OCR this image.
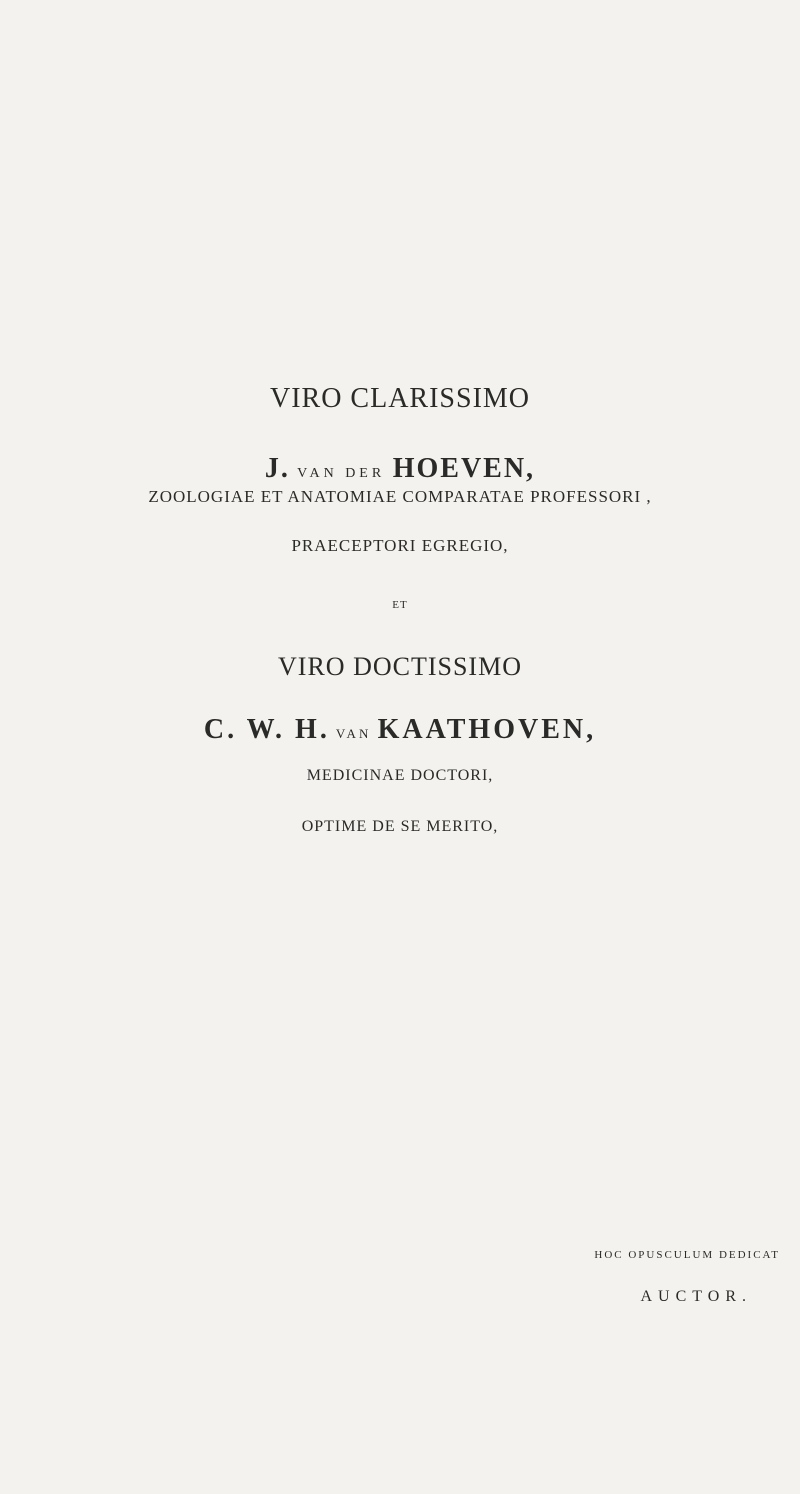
VIRO CLARISSIMO
J. VAN DER HOEVEN,
ZOOLOGIAE ET ANATOMIAE COMPARATAE PROFESSORI ,
PRAECEPTORI EGREGIO,
ET
VIRO DOCTISSIMO
C. W. H. VAN KAATHOVEN,
MEDICINAE DOCTORI,
OPTIME DE SE MERITO,
HOC OPUSCULUM DEDICAT
AUCTOR.
